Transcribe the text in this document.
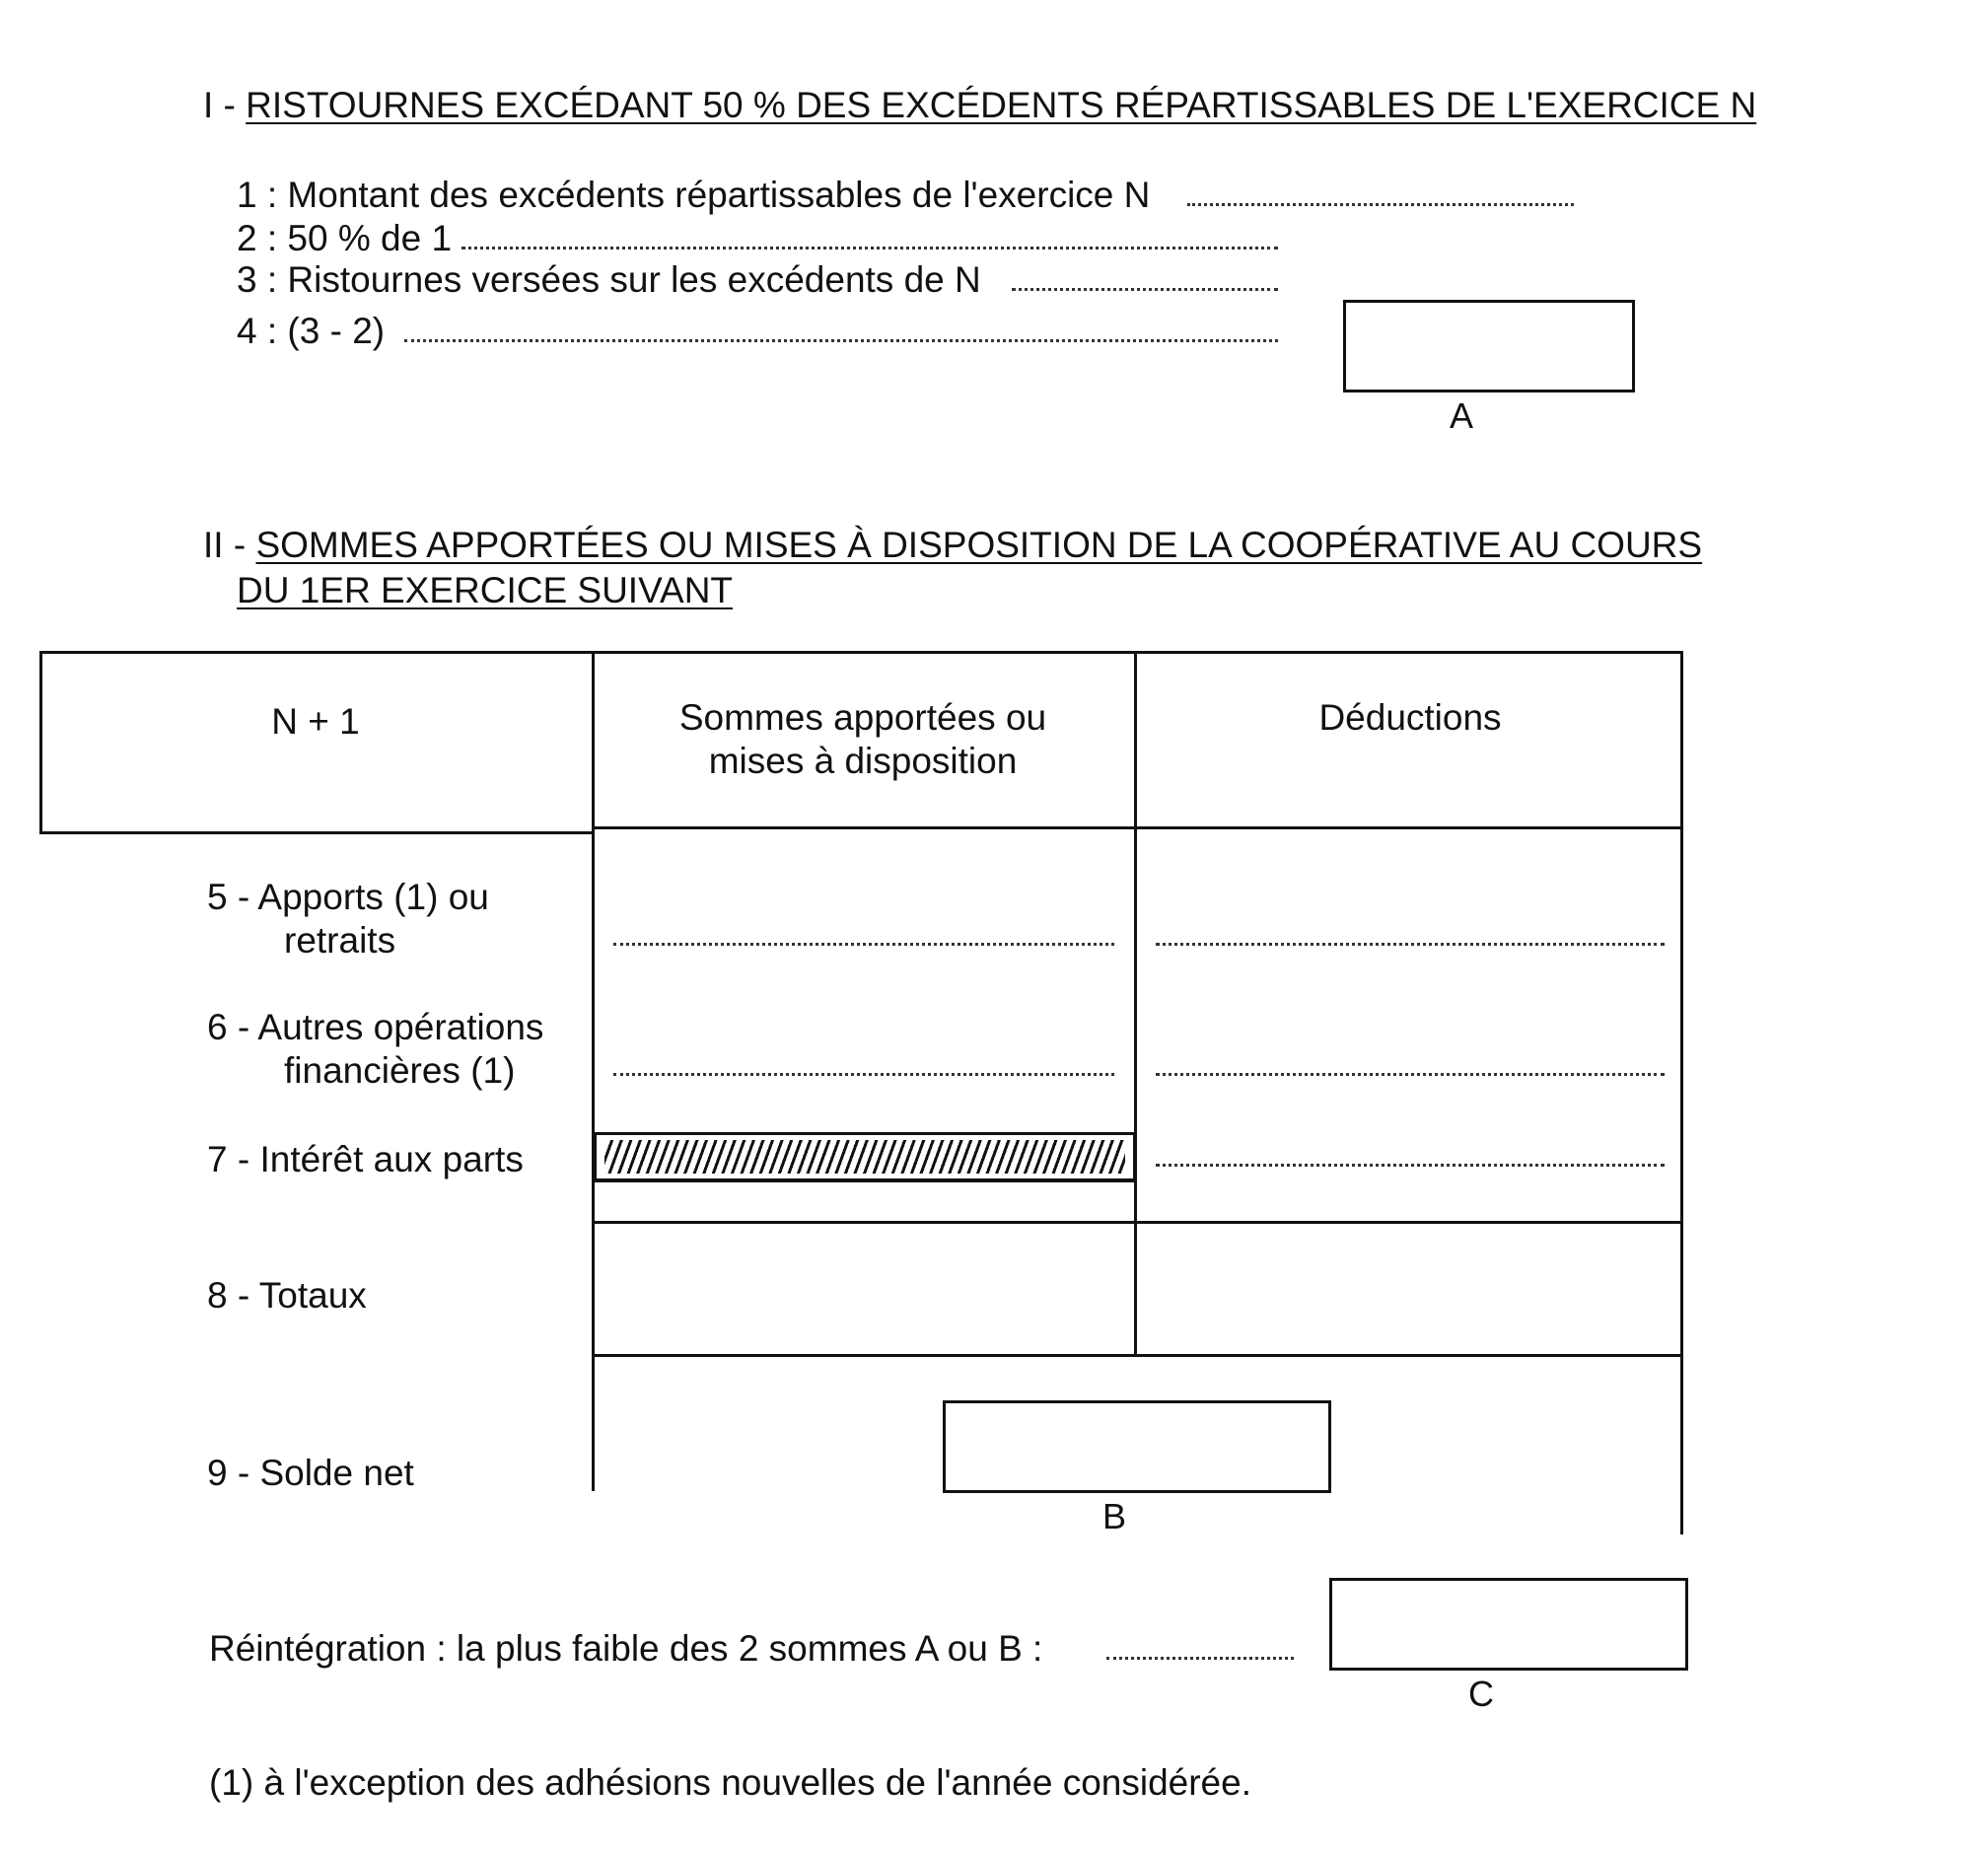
I - RISTOURNES EXCÉDANT 50 % DES EXCÉDENTS RÉPARTISSABLES DE L'EXERCICE N
1 : Montant des excédents répartissables de l'exercice N
2 : 50 % de 1
3 : Ristournes versées sur les excédents de N
4 : (3 - 2)
A
II - SOMMES APPORTÉES OU MISES À DISPOSITION DE LA COOPÉRATIVE AU COURS
DU 1ER EXERCICE SUIVANT
N + 1	Sommes apportées ou mises à disposition
Déductions
5 - Apports (1) ou
retraits
6 - Autres opérations
financières (1)
7 - Intérêt aux parts
8 - Totaux
9 - Solde net
B
Réintégration : la plus faible des 2 sommes A ou B :
C
(1) à l'exception des adhésions nouvelles de l'année considérée.
